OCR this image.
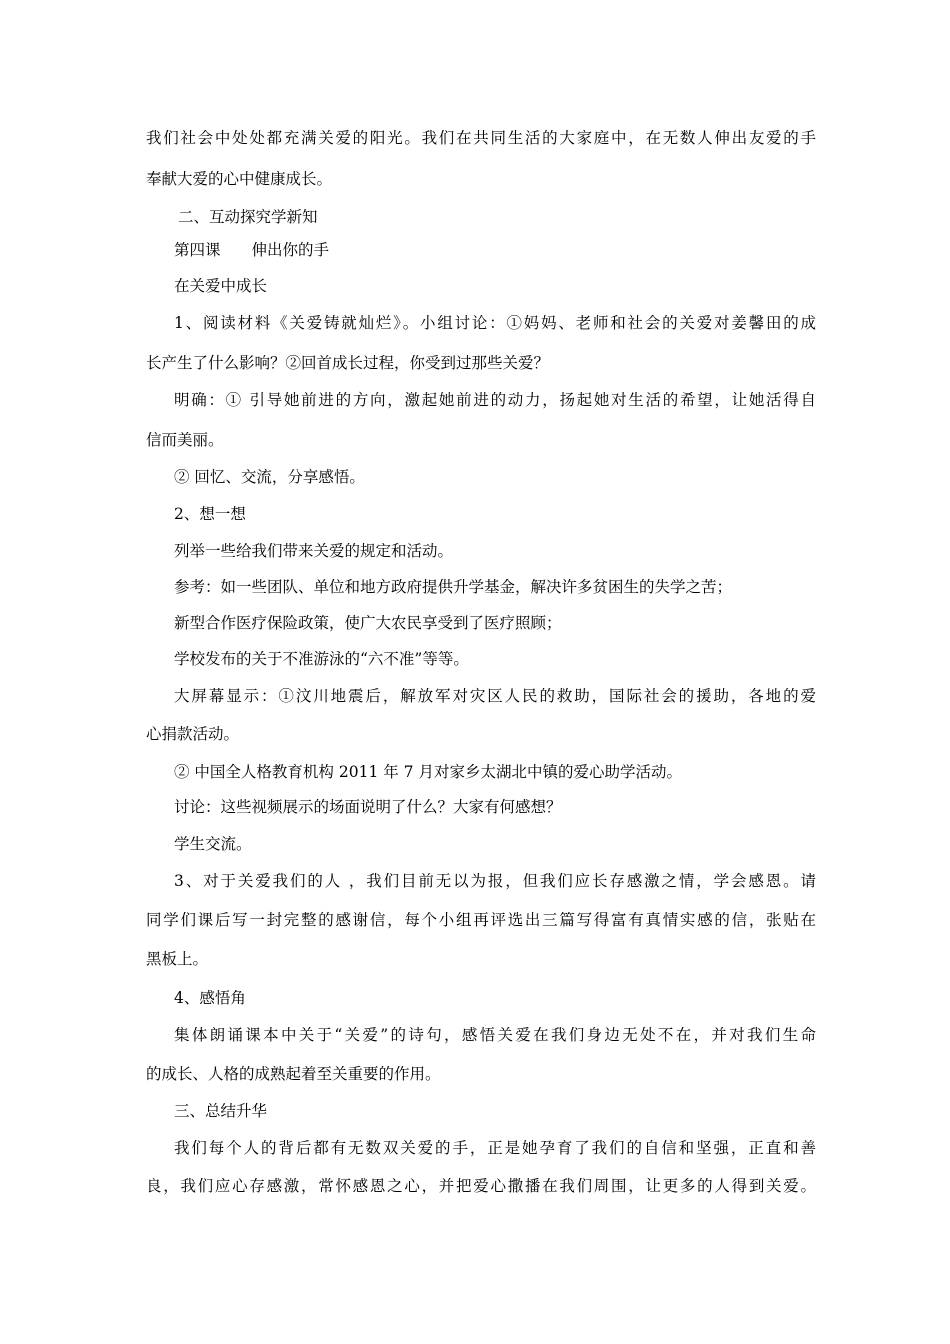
我们社会中处处都充满关爱的阳光。我们在共同生活的大家庭中，在无数人伸出友爱的手
奉献大爱的心中健康成长。
二、互动探究学新知
第四课　　伸出你的手
在关爱中成长
1、阅读材料《关爱铸就灿烂》。小组讨论：①妈妈、老师和社会的关爱对姜馨田的成
长产生了什么影响？②回首成长过程，你受到过那些关爱？
明确：① 引导她前进的方向，激起她前进的动力，扬起她对生活的希望，让她活得自
信而美丽。
② 回忆、交流，分享感悟。
2、想一想
列举一些给我们带来关爱的规定和活动。
参考：如一些团队、单位和地方政府提供升学基金，解决许多贫困生的失学之苦；
新型合作医疗保险政策，使广大农民享受到了医疗照顾；
学校发布的关于不准游泳的“六不准”等等。
大屏幕显示：①汶川地震后，解放军对灾区人民的救助，国际社会的援助，各地的爱
心捐款活动。
② 中国全人格教育机构 2011 年 7 月对家乡太湖北中镇的爱心助学活动。
讨论：这些视频展示的场面说明了什么？大家有何感想？
学生交流。
3、对于关爱我们的人 ，我们目前无以为报，但我们应长存感激之情，学会感恩。请
同学们课后写一封完整的感谢信，每个小组再评选出三篇写得富有真情实感的信，张贴在
黑板上。
4、感悟角
集体朗诵课本中关于“关爱”的诗句，感悟关爱在我们身边无处不在，并对我们生命
的成长、人格的成熟起着至关重要的作用。
三、总结升华
我们每个人的背后都有无数双关爱的手，正是她孕育了我们的自信和坚强，正直和善
良，我们应心存感激，常怀感恩之心，并把爱心撒播在我们周围，让更多的人得到关爱。
